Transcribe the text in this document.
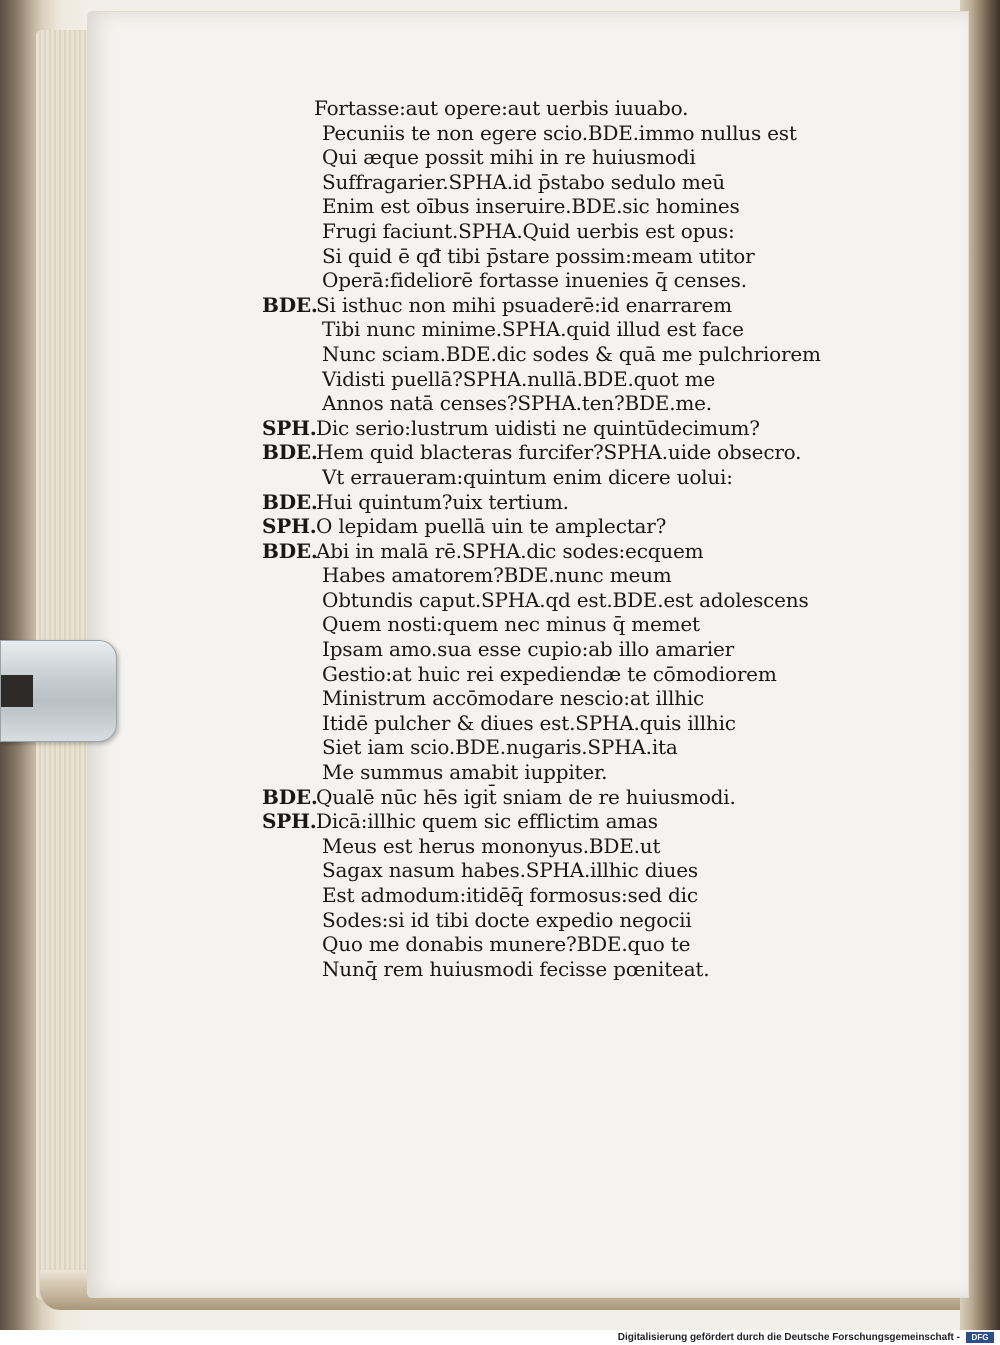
Fortasse:aut opere:aut uerbis iuuabo.
Pecuniis te non egere scio.BDE.immo nullus est
Qui æque possit mihi in re huiusmodi
Suffragarier.SPHA.id p̄stabo sedulo meū
Enim est oībus inseruire.BDE.sic homines
Frugi faciunt.SPHA.Quid uerbis est opus:
Si quid ē qđ tibi p̄stare possim:meam utitor
Operā:fideliorē fortasse inuenies q̄ censes.
BDE.
Si isthuc non mihi psuaderē:id enarrarem
Tibi nunc minime.SPHA.quid illud est face
Nunc sciam.BDE.dic sodes & quā me pulchriorem
Vidisti puellā?SPHA.nullā.BDE.quot me
Annos natā censes?SPHA.ten?BDE.me.
SPH. Dic serio:lustrum uidisti ne quintūdecimum?
BDE.
Hem quid blacteras furcifer?SPHA.uide obsecro.
Vt erraueram:quintum enim dicere uolui:
BDE.
Hui quintum?uix tertium.
SPH. O lepidam puellā uin te amplectar?
BDE.
Abi in malā rē.SPHA.dic sodes:ecquem
Habes amatorem?BDE.nunc meum
Obtundis caput.SPHA.qd est.BDE.est adolescens
Quem nosti:quem nec minus q̄ memet
Ipsam amo.sua esse cupio:ab illo amarier
Gestio:at huic rei expediendæ te cōmodiorem
Ministrum accōmodare nescio:at illhic
Itidē pulcher & diues est.SPHA.quis illhic
Siet iam scio.BDE.nugaris.SPHA.ita
Me summus amabit iuppiter.
BDE.
Qualē nūc hēs igit̄ sniam de re huiusmodi.
SPH. Dicā:illhic quem sic efflictim amas
Meus est herus mononyus.BDE.ut
Sagax nasum habes.SPHA.illhic diues
Est admodum:itidēq̄ formosus:sed dic
Sodes:si id tibi docte expedio negocii
Quo me donabis munere?BDE.quo te
Nunq̄ rem huiusmodi fecisse pœniteat.
Digitalisierung gefördert durch die Deutsche Forschungsgemeinschaft -	DFG
